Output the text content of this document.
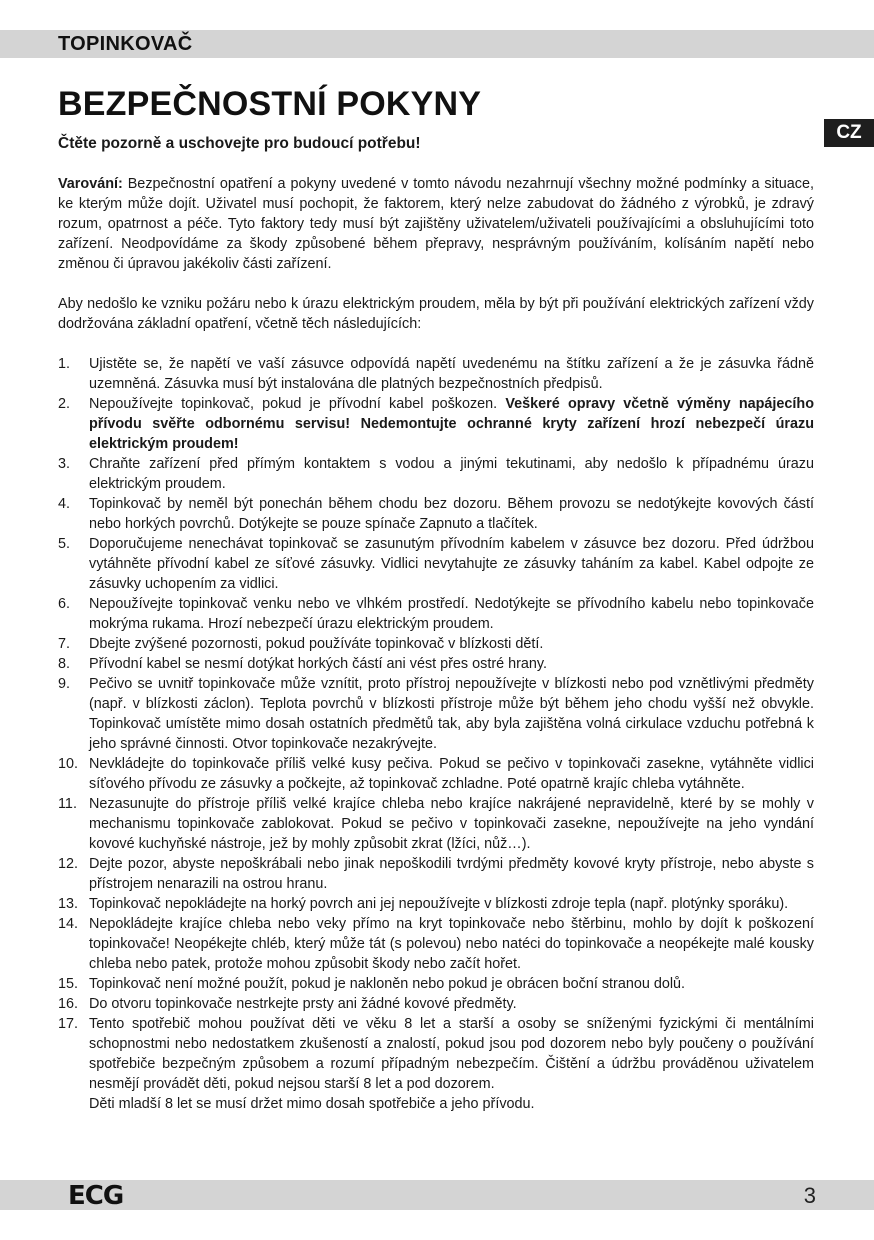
TOPINKOVAČ
CZ
BEZPEČNOSTNÍ POKYNY

Čtěte pozorně a uschovejte pro budoucí potřebu!

Varování: Bezpečnostní opatření a pokyny uvedené v tomto návodu nezahrnují všechny možné podmínky a situace, ke kterým může dojít. Uživatel musí pochopit, že faktorem, který nelze zabudovat do žádného z výrobků, je zdravý rozum, opatrnost a péče. Tyto faktory tedy musí být zajištěny uživatelem/uživateli používajícími a obsluhujícími toto zařízení. Neodpovídáme za škody způsobené během přepravy, nesprávným používáním, kolísáním napětí nebo změnou či úpravou jakékoliv části zařízení.

Aby nedošlo ke vzniku požáru nebo k úrazu elektrickým proudem, měla by být při používání elektrických zařízení vždy dodržována základní opatření, včetně těch následujících:

1.	Ujistěte se, že napětí ve vaší zásuvce odpovídá napětí uvedenému na štítku zařízení a že je zásuvka řádně uzemněná. Zásuvka musí být instalována dle platných bezpečnostních předpisů.
2.	Nepoužívejte topinkovač, pokud je přívodní kabel poškozen. Veškeré opravy včetně výměny napájecího přívodu svěřte odbornému servisu! Nedemontujte ochranné kryty zařízení hrozí nebezpečí úrazu elektrickým proudem!
3.	Chraňte zařízení před přímým kontaktem s vodou a jinými tekutinami, aby nedošlo k případnému úrazu elektrickým proudem.
4.	Topinkovač by neměl být ponechán během chodu bez dozoru. Během provozu se nedotýkejte kovových částí nebo horkých povrchů. Dotýkejte se pouze spínače Zapnuto a tlačítek.
5.	Doporučujeme nenechávat topinkovač se zasunutým přívodním kabelem v zásuvce bez dozoru. Před údržbou vytáhněte přívodní kabel ze síťové zásuvky. Vidlici nevytahujte ze zásuvky taháním za kabel. Kabel odpojte ze zásuvky uchopením za vidlici.
6.	Nepoužívejte topinkovač venku nebo ve vlhkém prostředí. Nedotýkejte se přívodního kabelu nebo topinkovače mokrýma rukama. Hrozí nebezpečí úrazu elektrickým proudem.
7.	Dbejte zvýšené pozornosti, pokud používáte topinkovač v blízkosti dětí.
8.	Přívodní kabel se nesmí dotýkat horkých částí ani vést přes ostré hrany.
9.	Pečivo se uvnitř topinkovače může vznítit, proto přístroj nepoužívejte v blízkosti nebo pod vznětlivými předměty (např. v blízkosti záclon). Teplota povrchů v blízkosti přístroje může být během jeho chodu vyšší než obvykle. Topinkovač umístěte mimo dosah ostatních předmětů tak, aby byla zajištěna volná cirkulace vzduchu potřebná k jeho správné činnosti. Otvor topinkovače nezakrývejte.
10. Nevkládejte do topinkovače příliš velké kusy pečiva. Pokud se pečivo v topinkovači zasekne, vytáhněte vidlici síťového přívodu ze zásuvky a počkejte, až topinkovač zchladne. Poté opatrně krajíc chleba vytáhněte.
11. Nezasunujte do přístroje příliš velké krajíce chleba nebo krajíce nakrájené nepravidelně, které by se mohly v mechanismu topinkovače zablokovat. Pokud se pečivo v topinkovači zasekne, nepoužívejte na jeho vyndání kovové kuchyňské nástroje, jež by mohly způsobit zkrat (lžíci, nůž…).
12. Dejte pozor, abyste nepoškrábali nebo jinak nepoškodili tvrdými předměty kovové kryty přístroje, nebo abyste s přístrojem nenarazili na ostrou hranu.
13. Topinkovač nepokládejte na horký povrch ani jej nepoužívejte v blízkosti zdroje tepla (např. plotýnky sporáku).
14. Nepokládejte krajíce chleba nebo veky přímo na kryt topinkovače nebo štěrbinu, mohlo by dojít k poškození topinkovače! Neopékejte chléb, který může tát (s polevou) nebo natéci do topinkovače a neopékejte malé kousky chleba nebo patek, protože mohou způsobit škody nebo začít hořet.
15. Topinkovač není možné použít, pokud je nakloněn nebo pokud je obrácen boční stranou dolů.
16. Do otvoru topinkovače nestrkejte prsty ani žádné kovové předměty.
17. Tento spotřebič mohou používat děti ve věku 8 let a starší a osoby se sníženými fyzickými či mentálními schopnostmi nebo nedostatkem zkušeností a znalostí, pokud jsou pod dozorem nebo byly poučeny o používání spotřebiče bezpečným způsobem a rozumí případným nebezpečím. Čištění a údržbu prováděnou uživatelem nesmějí provádět děti, pokud nejsou starší 8 let a pod dozorem.
Děti mladší 8 let se musí držet mimo dosah spotřebiče a jeho přívodu.
ECG	3
